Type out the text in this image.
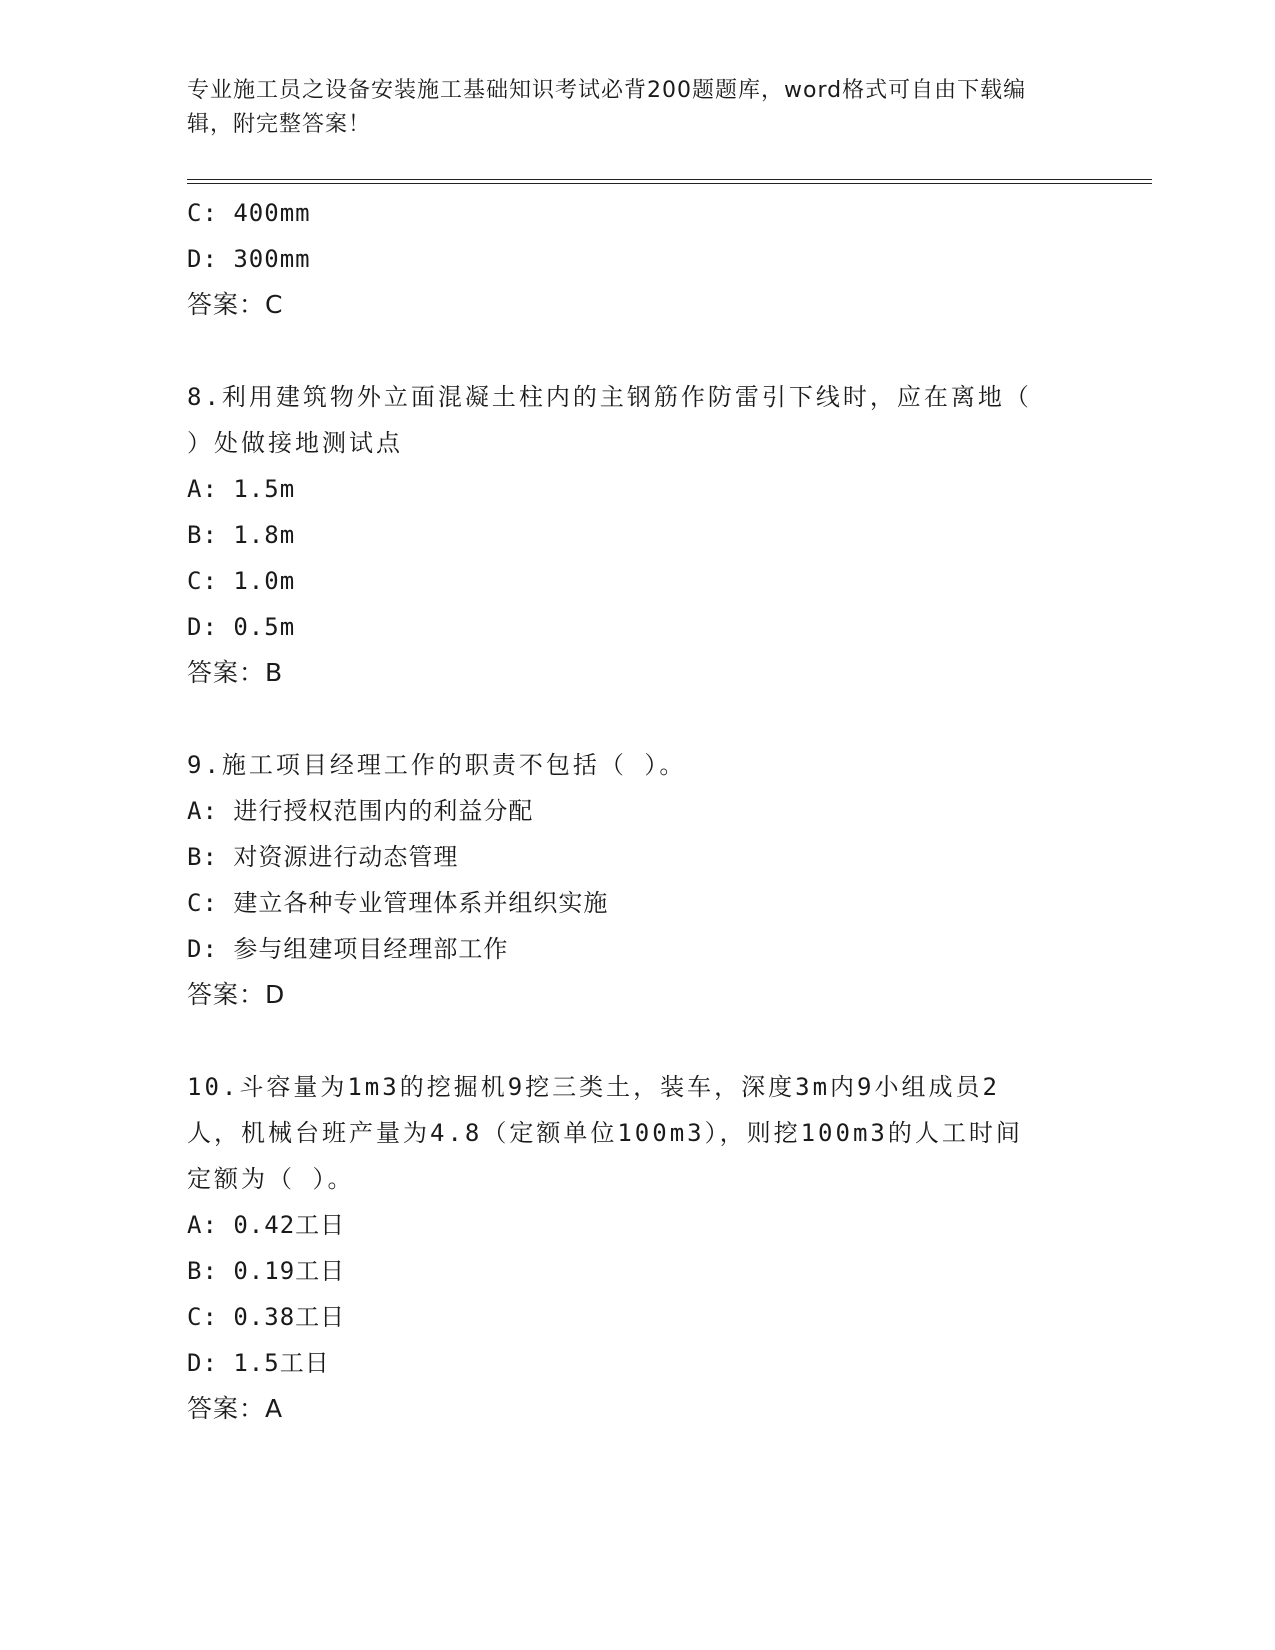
专业施工员之设备安装施工基础知识考试必背200题题库，word格式可自由下载编辑，附完整答案！
C: 400mm
D: 300mm
答案：C
8.利用建筑物外立面混凝土柱内的主钢筋作防雷引下线时，应在离地（ ）处做接地测试点
A: 1.5m
B: 1.8m
C: 1.0m
D: 0.5m
答案：B
9.施工项目经理工作的职责不包括（ ）。
A: 进行授权范围内的利益分配
B: 对资源进行动态管理
C: 建立各种专业管理体系并组织实施
D: 参与组建项目经理部工作
答案：D
10.斗容量为1m3的挖掘机9挖三类土，装车，深度3m内9小组成员2人，机械台班产量为4.8（定额单位100m3），则挖100m3的人工时间定额为（ ）。
A: 0.42工日
B: 0.19工日
C: 0.38工日
D: 1.5工日
答案：A
